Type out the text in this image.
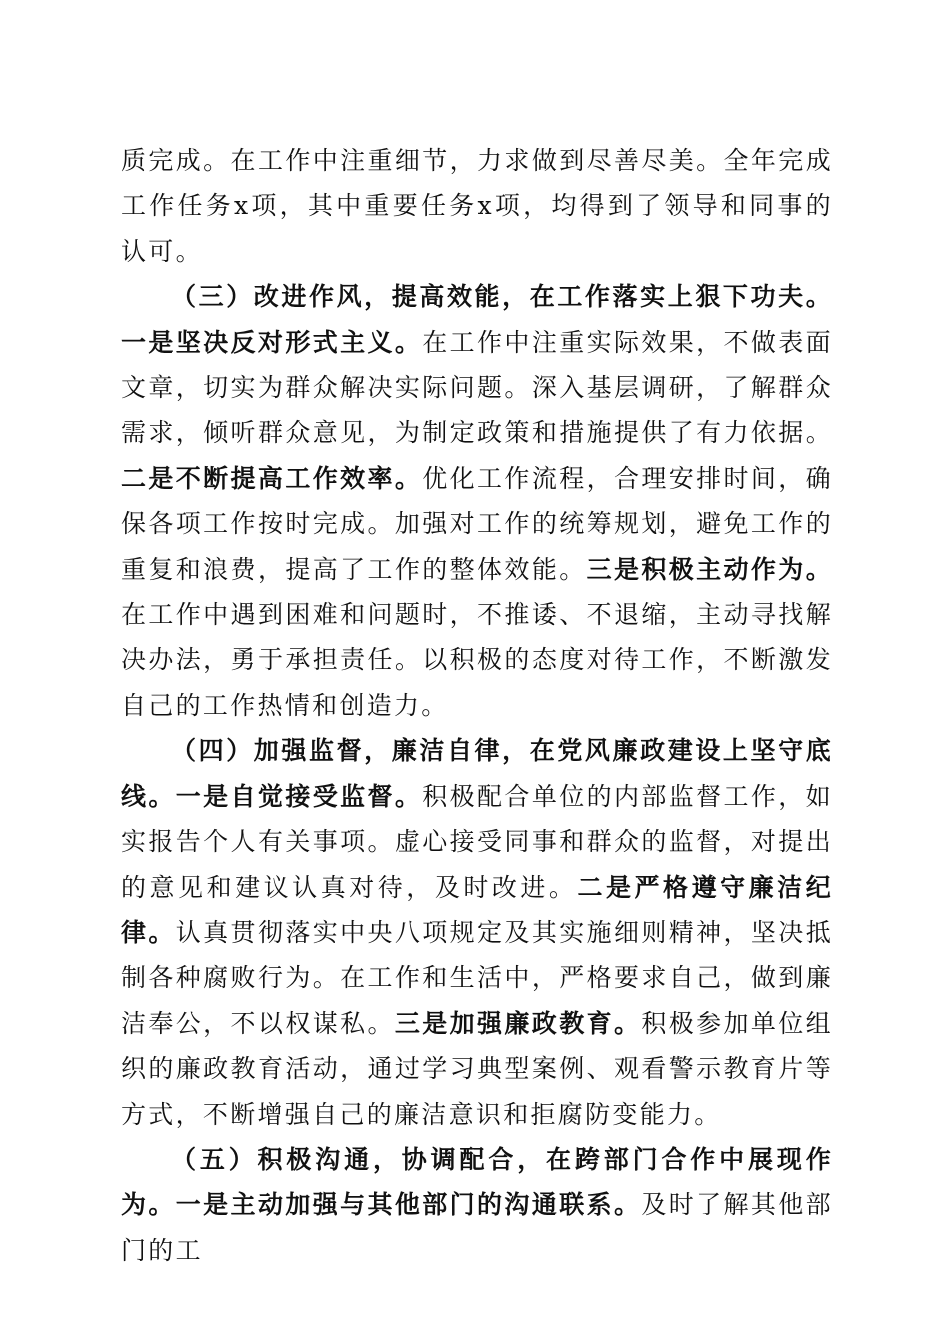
质完成。在工作中注重细节，力求做到尽善尽美。全年完成工作任务x项，其中重要任务x项，均得到了领导和同事的认可。

（三）改进作风，提高效能，在工作落实上狠下功夫。一是坚决反对形式主义。在工作中注重实际效果，不做表面文章，切实为群众解决实际问题。深入基层调研，了解群众需求，倾听群众意见，为制定政策和措施提供了有力依据。二是不断提高工作效率。优化工作流程，合理安排时间，确保各项工作按时完成。加强对工作的统筹规划，避免工作的重复和浪费，提高了工作的整体效能。三是积极主动作为。在工作中遇到困难和问题时，不推诿、不退缩，主动寻找解决办法，勇于承担责任。以积极的态度对待工作，不断激发自己的工作热情和创造力。

（四）加强监督，廉洁自律，在党风廉政建设上坚守底线。一是自觉接受监督。积极配合单位的内部监督工作，如实报告个人有关事项。虚心接受同事和群众的监督，对提出的意见和建议认真对待，及时改进。二是严格遵守廉洁纪律。认真贯彻落实中央八项规定及其实施细则精神，坚决抵制各种腐败行为。在工作和生活中，严格要求自己，做到廉洁奉公，不以权谋私。三是加强廉政教育。积极参加单位组织的廉政教育活动，通过学习典型案例、观看警示教育片等方式，不断增强自己的廉洁意识和拒腐防变能力。

（五）积极沟通，协调配合，在跨部门合作中展现作为。一是主动加强与其他部门的沟通联系。及时了解其他部门的工
